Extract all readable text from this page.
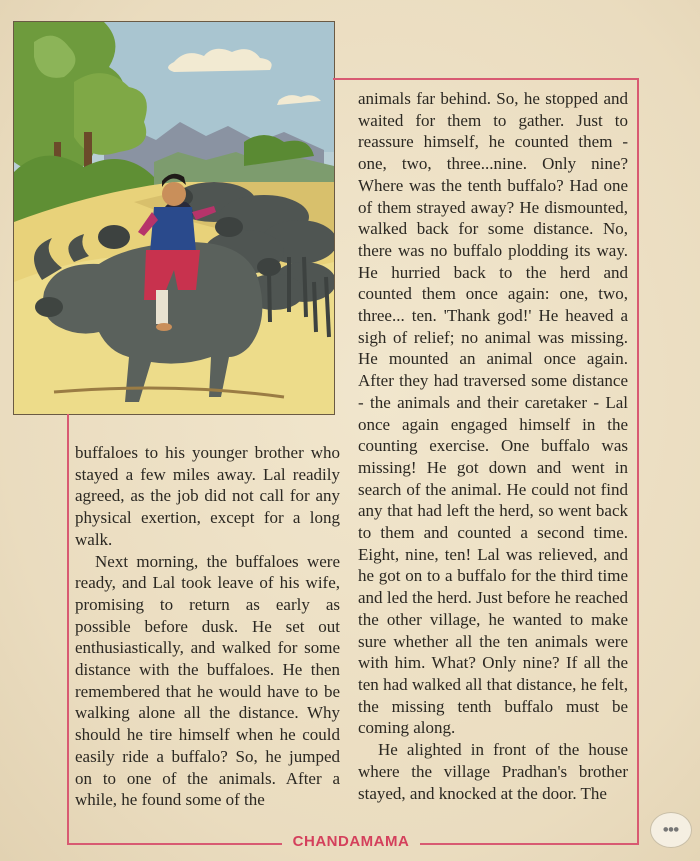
buffaloes to his younger brother who stayed a few miles away. Lal readily agreed, as the job did not call for any physical exertion, except for a long walk.

Next morning, the buffaloes were ready, and Lal took leave of his wife, promising to return as early as possible before dusk. He set out enthusiastically, and walked for some distance with the buffaloes. He then remembered that he would have to be walking alone all the distance. Why should he tire himself when he could easily ride a buffalo? So, he jumped on to one of the animals. After a while, he found some of the

animals far behind. So, he stopped and waited for them to gather. Just to reassure himself, he counted them - one, two, three...nine. Only nine? Where was the tenth buffalo? Had one of them strayed away? He dismounted, walked back for some distance. No, there was no buffalo plodding its way. He hurried back to the herd and counted them once again: one, two, three... ten. 'Thank god!' He heaved a sigh of relief; no animal was missing. He mounted an animal once again. After they had traversed some distance - the animals and their caretaker - Lal once again engaged himself in the counting exercise. One buffalo was missing! He got down and went in search of the animal. He could not find any that had left the herd, so went back to them and counted a second time. Eight, nine, ten! Lal was relieved, and he got on to a buffalo for the third time and led the herd. Just before he reached the other village, he wanted to make sure whether all the ten animals were with him. What? Only nine? If all the ten had walked all that distance, he felt, the missing tenth buffalo must be coming along.

He alighted in front of the house where the village Pradhan's brother stayed, and knocked at the door. The

CHANDAMAMA
●●●
